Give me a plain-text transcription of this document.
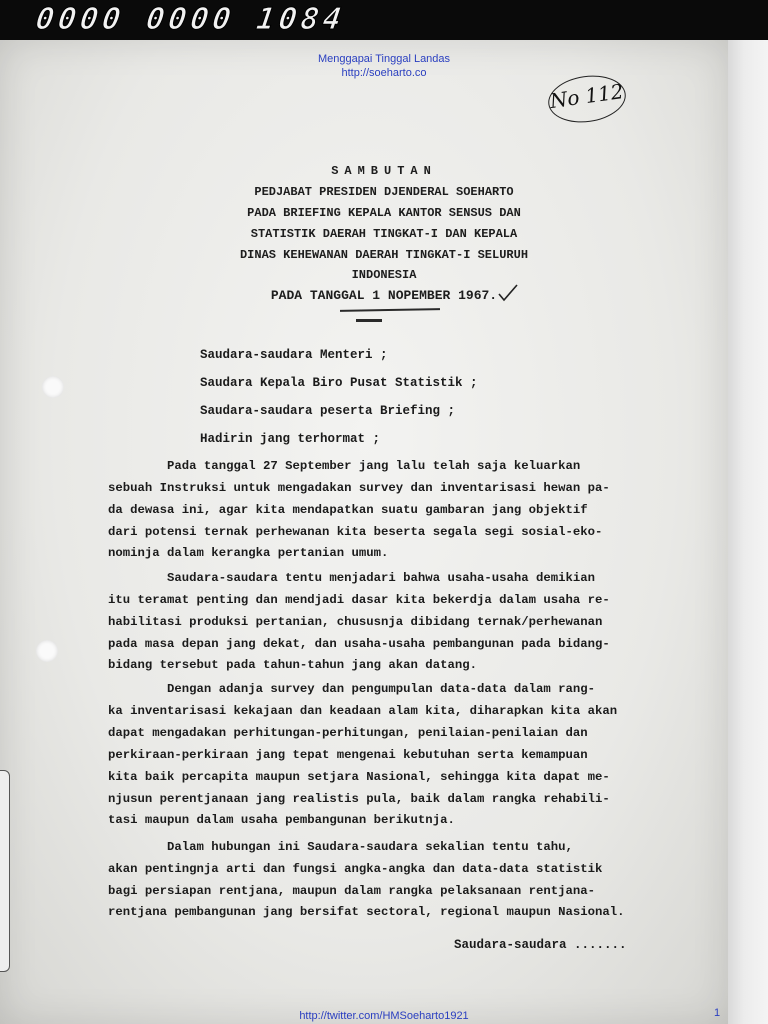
0000 0000 1084
Menggapai Tinggal Landas
http://soeharto.co
No 112
SAMBUTAN
PEDJABAT PRESIDEN DJENDERAL SOEHARTO
PADA BRIEFING KEPALA KANTOR SENSUS DAN
STATISTIK DAERAH TINGKAT-I DAN KEPALA
DINAS KEHEWANAN DAERAH TINGKAT-I SELURUH
INDONESIA
PADA TANGGAL 1 NOPEMBER 1967.
Saudara-saudara Menteri ;
Saudara Kepala Biro Pusat Statistik ;
Saudara-saudara peserta Briefing ;
Hadirin jang terhormat ;
Pada tanggal 27 September jang lalu telah saja keluarkan
sebuah Instruksi untuk mengadakan survey dan inventarisasi hewan pa-
da dewasa ini, agar kita mendapatkan suatu gambaran jang objektif
dari potensi ternak perhewanan kita beserta segala segi sosial-eko-
nominja dalam kerangka pertanian umum.
Saudara-saudara tentu menjadari bahwa usaha-usaha demikian
itu teramat penting dan mendjadi dasar kita bekerdja dalam usaha re-
habilitasi produksi pertanian, chususnja dibidang ternak/perhewanan
pada masa depan jang dekat, dan usaha-usaha pembangunan pada bidang-
bidang tersebut pada tahun-tahun jang akan datang.
Dengan adanja survey dan pengumpulan data-data dalam rang-
ka inventarisasi kekajaan dan keadaan alam kita, diharapkan kita akan
dapat mengadakan perhitungan-perhitungan, penilaian-penilaian dan
perkiraan-perkiraan jang tepat mengenai kebutuhan serta kemampuan
kita baik percapita maupun setjara Nasional, sehingga kita dapat me-
njusun perentjanaan jang realistis pula, baik dalam rangka rehabili-
tasi maupun dalam usaha pembangunan berikutnja.
Dalam hubungan ini Saudara-saudara sekalian tentu tahu,
akan pentingnja arti dan fungsi angka-angka dan data-data statistik
bagi persiapan rentjana, maupun dalam rangka pelaksanaan rentjana-
rentjana pembangunan jang bersifat sectoral, regional maupun Nasional.
Saudara-saudara .......
http://twitter.com/HMSoeharto1921	1
